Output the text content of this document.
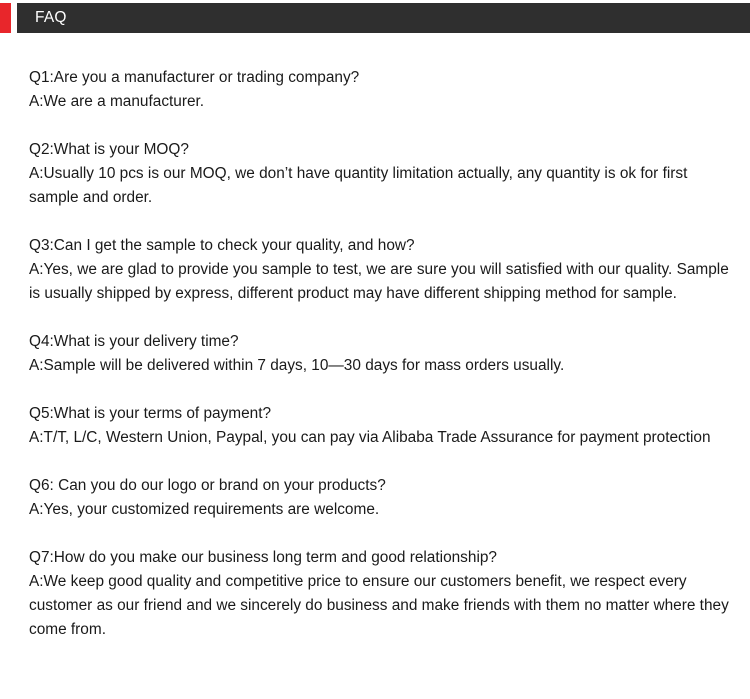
FAQ
Q1:Are you a manufacturer or trading company?
A:We are a manufacturer.
Q2:What is your MOQ?
A:Usually 10 pcs is our MOQ, we don’t have quantity limitation actually, any quantity is ok for first sample and order.
Q3:Can I get the sample to check your quality, and how?
A:Yes, we are glad to provide you sample to test, we are sure you will satisfied with our quality. Sample is usually shipped by express, different product may have different shipping method for sample.
Q4:What is your delivery time?
A:Sample will be delivered within 7 days, 10—30 days for mass orders usually.
Q5:What is your terms of payment?
A:T/T, L/C, Western Union, Paypal, you can pay via Alibaba Trade Assurance for payment protection
Q6: Can you do our logo or brand on your products?
A:Yes, your customized requirements are welcome.
Q7:How do you make our business long term and good relationship?
A:We keep good quality and competitive price to ensure our customers benefit, we respect every customer as our friend and we sincerely do business and make friends with them no matter where they come from.
